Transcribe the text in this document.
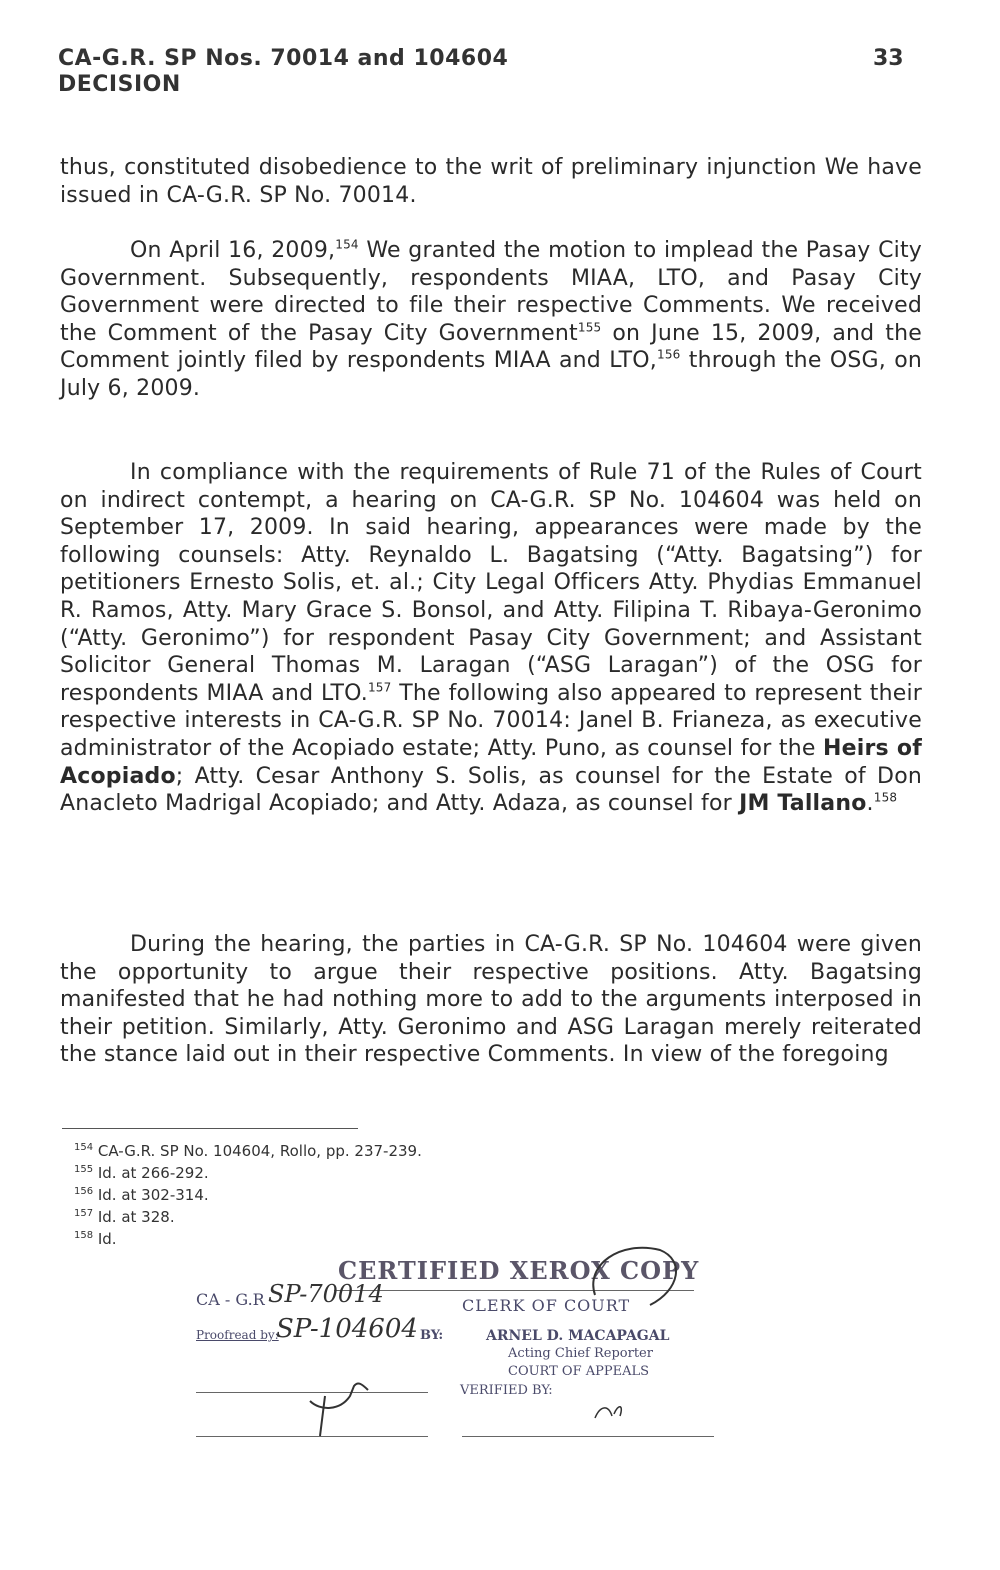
CA-G.R. SP Nos. 70014 and 104604
DECISION
33
thus, constituted disobedience to the writ of preliminary injunction We have issued in CA-G.R. SP No. 70014.
On April 16, 2009,$^{154}$ We granted the motion to implead the Pasay City Government. Subsequently, respondents MIAA, LTO, and Pasay City Government were directed to file their respective Comments. We received the Comment of the Pasay City Government$^{155}$ on June 15, 2009, and the Comment jointly filed by respondents MIAA and LTO,$^{156}$ through the OSG, on July 6, 2009.
In compliance with the requirements of Rule 71 of the Rules of Court on indirect contempt, a hearing on CA-G.R. SP No. 104604 was held on September 17, 2009. In said hearing, appearances were made by the following counsels: Atty. Reynaldo L. Bagatsing (“Atty. Bagatsing”) for petitioners Ernesto Solis, et. al.; City Legal Officers Atty. Phydias Emmanuel R. Ramos, Atty. Mary Grace S. Bonsol, and Atty. Filipina T. Ribaya-Geronimo (“Atty. Geronimo”) for respondent Pasay City Government; and Assistant Solicitor General Thomas M. Laragan (“ASG Laragan”) of the OSG for respondents MIAA and LTO.$^{157}$ The following also appeared to represent their respective interests in CA-G.R. SP No. 70014: Janel B. Frianeza, as executive administrator of the Acopiado estate; Atty. Puno, as counsel for the Heirs of Acopiado; Atty. Cesar Anthony S. Solis, as counsel for the Estate of Don Anacleto Madrigal Acopiado; and Atty. Adaza, as counsel for JM Tallano.$^{158}$
During the hearing, the parties in CA-G.R. SP No. 104604 were given the opportunity to argue their respective positions. Atty. Bagatsing manifested that he had nothing more to add to the arguments interposed in their petition. Similarly, Atty. Geronimo and ASG Laragan merely reiterated the stance laid out in their respective Comments. In view of the foregoing
$^{154}$ CA-G.R. SP No. 104604, Rollo, pp. 237-239.
$^{155}$ Id. at 266-292.
$^{156}$ Id. at 302-314.
$^{157}$ Id. at 328.
$^{158}$ Id.
CERTIFIED XEROX COPY
CA - G.R SP-70014
SP-104604
CLERK OF COURT
Proofread by:	BY:	ARNEL D. MACAPAGAL
Acting Chief Reporter
COURT OF APPEALS
VERIFIED BY:
